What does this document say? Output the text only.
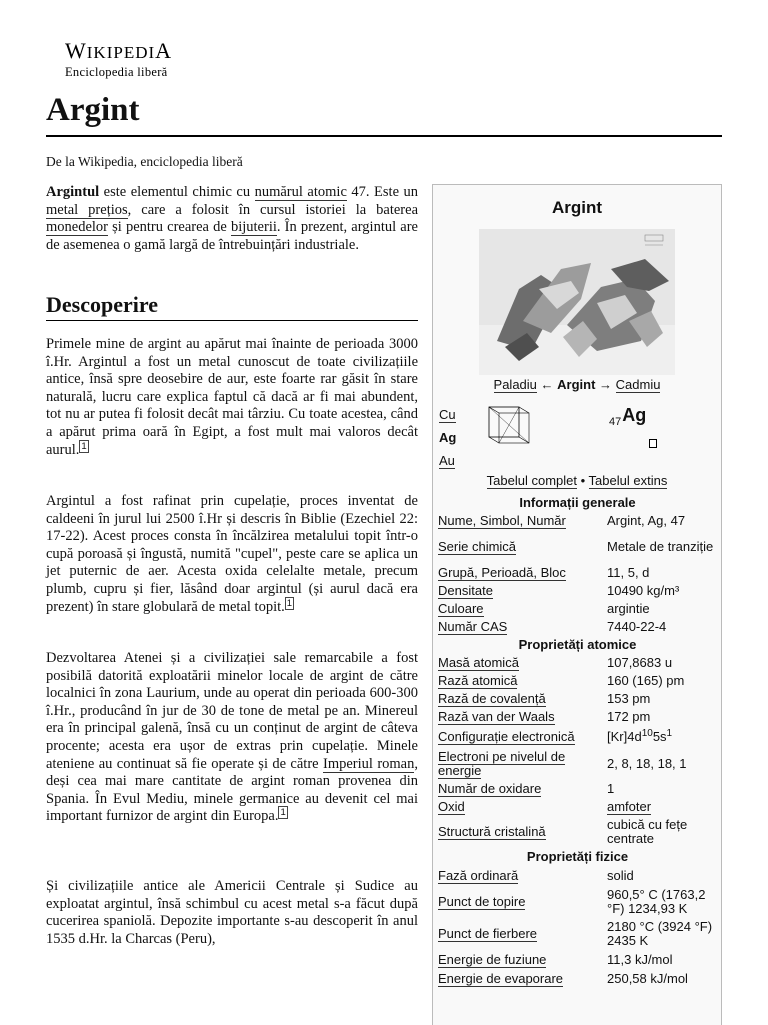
WIKIPEDIA
Enciclopedia liberă
Argint
De la Wikipedia, enciclopedia liberă

Argintul este elementul chimic cu numărul atomic 47. Este un metal prețios, care a folosit în cursul istoriei la baterea monedelor și pentru crearea de bijuterii. În prezent, argintul are de asemenea o gamă largă de întrebuințări industriale.

Descoperire

Primele mine de argint au apărut mai înainte de perioada 3000 î.Hr. Argintul a fost un metal cunoscut de toate civilizațiile antice, însă spre deosebire de aur, este foarte rar găsit în stare naturală, lucru care explica faptul că dacă ar fi mai abundent, tot nu ar putea fi folosit decât mai târziu. Cu toate acestea, când a apărut prima oară în Egipt, a fost mult mai valoros decât aurul. $^1$

Argintul a fost rafinat prin cupelație, proces inventat de caldeeni în jurul lui 2500 î.Hr și descris în Biblie (Ezechiel 22: 17-22). Acest proces consta în încălzirea metalului topit într-o cupă poroasă și îngustă, numită "cupel", peste care se aplica un jet puternic de aer. Acesta oxida celelalte metale, precum plumb, cupru și fier, lăsând doar argintul (și aurul dacă era prezent) în stare globulară de metal topit. $^1$

Dezvoltarea Atenei și a civilizației sale remarcabile a fost posibilă datorită exploatării minelor locale de argint de către localnici în zona Laurium, unde au operat din perioada 600-300 î.Hr., producând în jur de 30 de tone de metal pe an. Minereul era în principal galenă, însă cu un conținut de argint de câteva procente; acesta era ușor de extras prin cupelație. Minele ateniene au continuat să fie operate și de către Imperiul roman, deși cea mai mare cantitate de argint roman provenea din Spania. În Evul Mediu, minele germanice au devenit cel mai important furnizor de argint din Europa. $^1$

Și civilizațiile antice ale Americii Centrale și Sudice au exploatat argintul, însă schimbul cu acest metal s-a făcut după cucerirea spaniolă. Depozite importante s-au descoperit în anul 1535 d.Hr. la Charcas (Peru),

Argint
Paladiu ← Argint → Cadmiu
Cu
Ag
Au
$_{47}$Ag
Tabelul complet • Tabelul extins
Informații generale	
Nume, Simbol, Număr	Argint, Ag, 47
Serie chimică	Metale de tranziție
Grupă, Perioadă, Bloc	11, 5, d
Densitate	10490 kg/m³
Culoare	argintie
Număr CAS	7440-22-4
Proprietăți atomice	
Masă atomică	107,8683 u
Rază atomică	160 (165) pm
Rază de covalență	153 pm
Rază van der Waals	172 pm
Configurație electronică	$[Kr]4d^{10}5s^1$
Electroni pe nivelul de energie	2, 8, 18, 18, 1
Număr de oxidare	1
Oxid	amfoter
Structură cristalină	cubică cu fețe centrate
Proprietăți fizice	
Fază ordinară	solid
Punct de topire	960,5° C (1763,2 °F) 1234,93 K
Punct de fierbere	2180 °C (3924 °F) 2435 K
Energie de fuziune	11,3 kJ/mol
Energie de evaporare	250,58 kJ/mol
